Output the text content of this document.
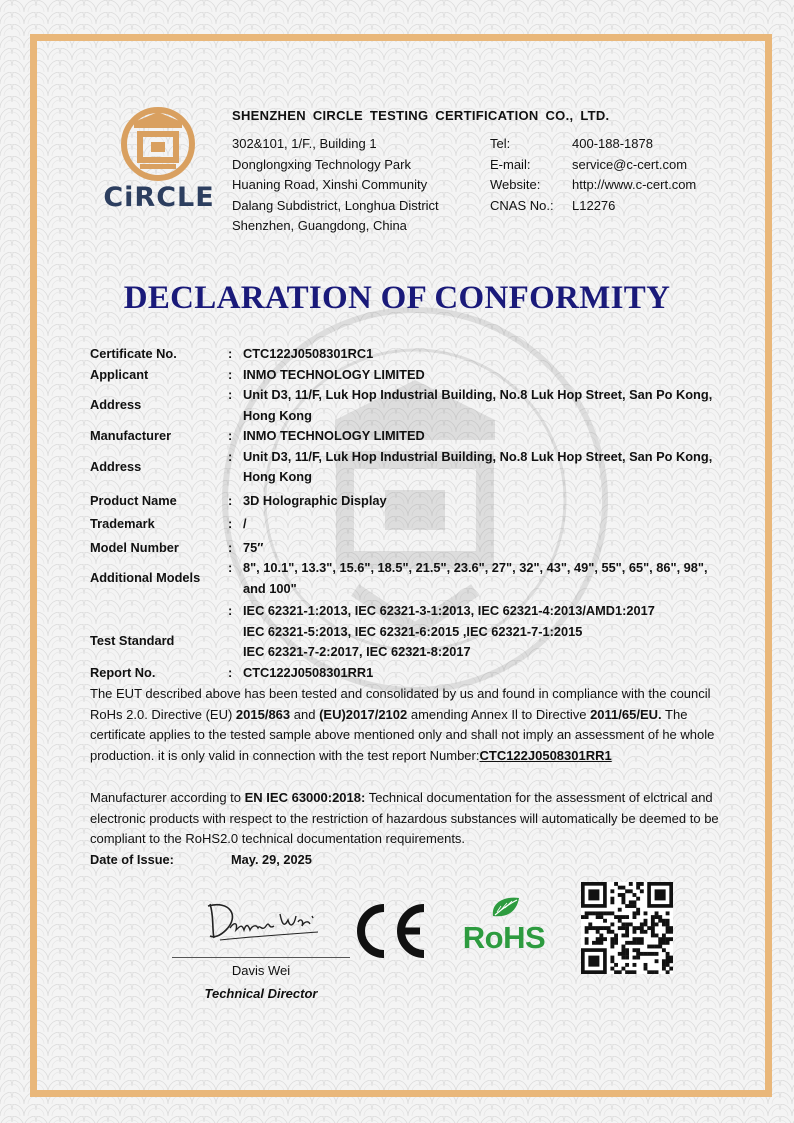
CiRCLE
SHENZHEN CIRCLE TESTING CERTIFICATION CO., LTD.
302&101, 1/F., Building 1
Donglongxing Technology Park
Huaning Road, Xinshi Community
Dalang Subdistrict, Longhua District
Shenzhen, Guangdong, China
Tel:	400-188-1878
E-mail:	service@c-cert.com
Website:	http://www.c-cert.com
CNAS No.:	L12276
DECLARATION OF CONFORMITY
Certificate No.	: CTC122J0508301RC1
Applicant	: INMO TECHNOLOGY LIMITED
Address
: Unit D3, 11/F, Luk Hop Industrial Building, No.8 Luk Hop Street, San Po Kong, Hong Kong
Manufacturer	: INMO TECHNOLOGY LIMITED
Address
: Unit D3, 11/F, Luk Hop Industrial Building, No.8 Luk Hop Street, San Po Kong, Hong Kong
Product Name	: 3D Holographic Display
Trademark	: /
Model Number	: 75″
Additional Models
: 8", 10.1", 13.3", 15.6", 18.5", 21.5", 23.6", 27", 32", 43", 49", 55", 65", 86", 98", and 100"
Test Standard
: IEC 62321-1:2013, IEC 62321-3-1:2013, IEC 62321-4:2013/AMD1:2017
IEC 62321-5:2013, IEC 62321-6:2015 ,IEC 62321-7-1:2015
IEC 62321-7-2:2017, IEC 62321-8:2017
Report No.	: CTC122J0508301RR1
The EUT described above has been tested and consolidated by us and found in compliance with the council RoHs 2.0. Directive (EU) 2015/863 and (EU)2017/2102 amending Annex Il to Directive 2011/65/EU. The certificate applies to the tested sample above mentioned only and shall not imply an assessment of he whole production. it is only valid in connection with the test report Number:CTC122J0508301RR1
Manufacturer according to EN IEC 63000:2018: Technical documentation for the assessment of elctrical and electronic products with respect to the restriction of hazardous substances will automatically be deemed to be compliant to the RoHS2.0 technical documentation requirements.
Date of Issue:	May. 29, 2025
Davis Wei
Technical Director
RoHS
